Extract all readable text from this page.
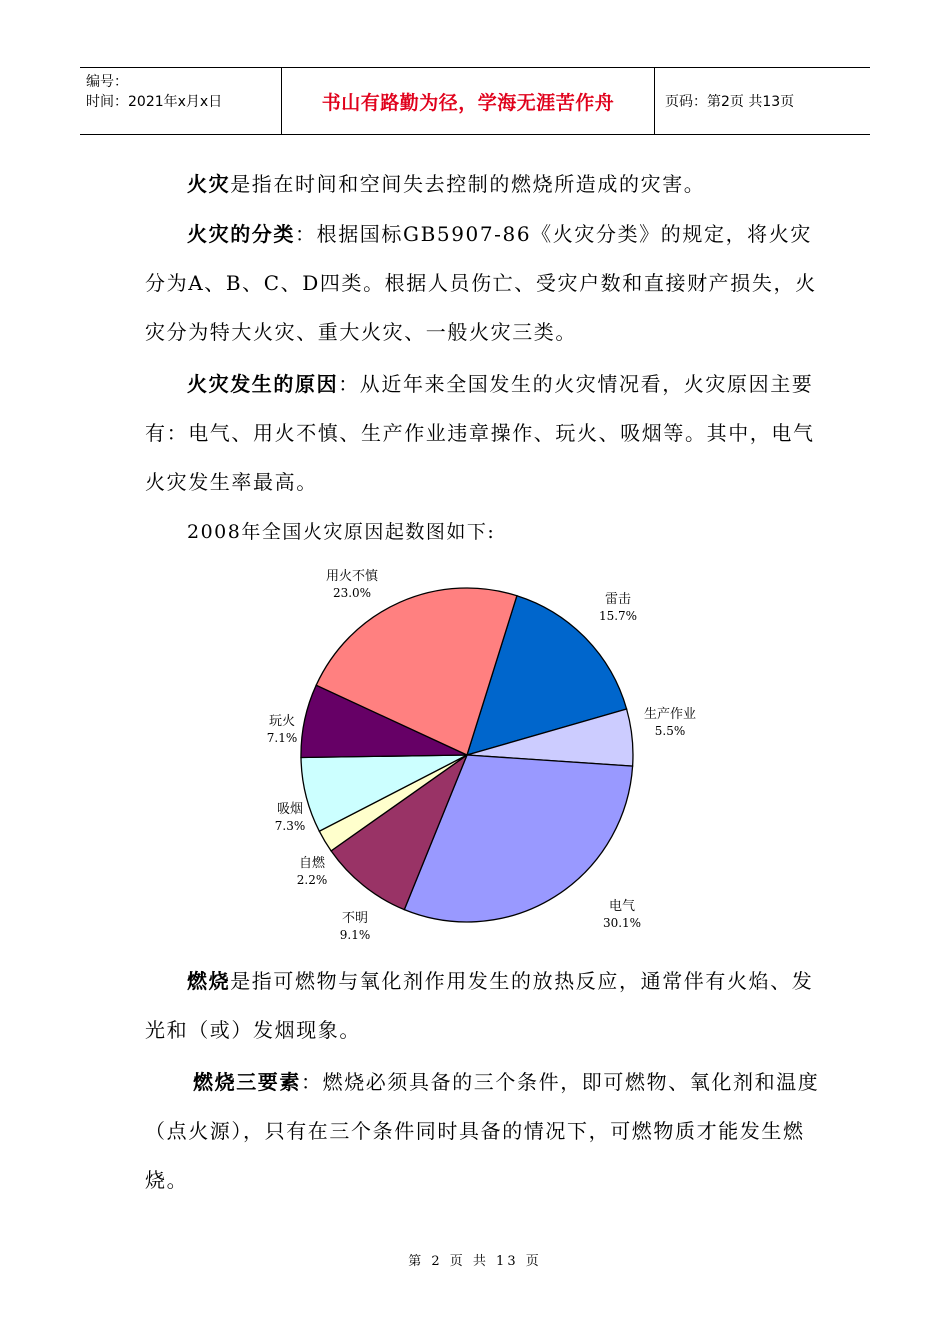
编号：
时间：2021年x月x日	书山有路勤为径，学海无涯苦作舟	页码：第2页 共13页
火灾是指在时间和空间失去控制的燃烧所造成的灾害。
火灾的分类：根据国标GB5907-86《火灾分类》的规定，将火灾分为A、B、C、D四类。根据人员伤亡、受灾户数和直接财产损失，火灾分为特大火灾、重大火灾、一般火灾三类。
火灾发生的原因：从近年来全国发生的火灾情况看，火灾原因主要有：电气、用火不慎、生产作业违章操作、玩火、吸烟等。其中，电气火灾发生率最高。
2008年全国火灾原因起数图如下:
雷击
15.7%
生产作业
5.5%
电气
30.1%
不明
9.1%
自燃
2.2%
吸烟
7.3%
玩火
7.1%
用火不慎
23.0%
燃烧是指可燃物与氧化剂作用发生的放热反应，通常伴有火焰、发光和（或）发烟现象。
燃烧三要素：燃烧必须具备的三个条件，即可燃物、氧化剂和温度（点火源），只有在三个条件同时具备的情况下，可燃物质才能发生燃烧。
第 2 页 共 13 页
